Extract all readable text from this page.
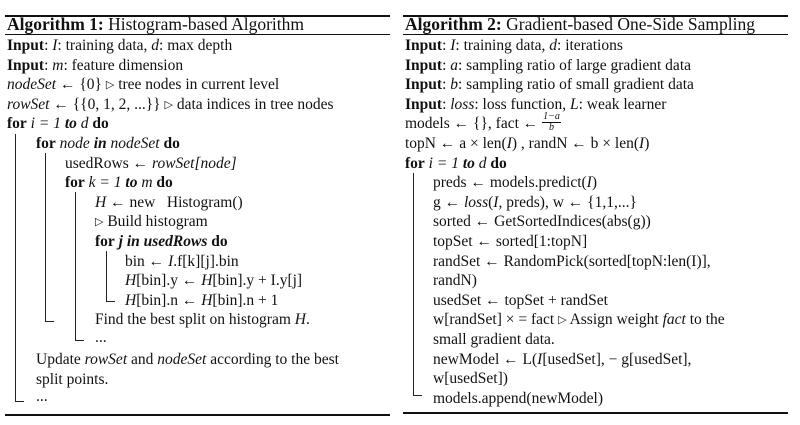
Algorithm 1: Histogram-based Algorithm
Input: I: training data, d: max depth
Input: m: feature dimension
nodeSet ← {0} ▷ tree nodes in current level
rowSet ← {{0, 1, 2, ...}} ▷ data indices in tree nodes
for i = 1 to d do
for node in nodeSet do
usedRows ← rowSet[node]
for k = 1 to m do
H ← new   Histogram()
▷ Build histogram
for j in usedRows do
bin ← I.f[k][j].bin
H[bin].y ← H[bin].y + I.y[j]
H[bin].n ← H[bin].n + 1
Find the best split on histogram H.
...
Update rowSet and nodeSet according to the best
split points.
...
Algorithm 2: Gradient-based One-Side Sampling
Input: I: training data, d: iterations
Input: a: sampling ratio of large gradient data
Input: b: sampling ratio of small gradient data
Input: loss: loss function, L: weak learner
models ← {}, fact ← $\frac{1-a}{b}$
topN ← a × len(I) , randN ← b × len(I)
for i = 1 to d do
preds ← models.predict(I)
g ← loss(I, preds), w ← {1,1,...}
sorted ← GetSortedIndices(abs(g))
topSet ← sorted[1:topN]
randSet ← RandomPick(sorted[topN:len(I)],
randN)
usedSet ← topSet + randSet
w[randSet] × = fact ▷ Assign weight fact to the
small gradient data.
newModel ← L(I[usedSet], − g[usedSet],
w[usedSet])
models.append(newModel)
